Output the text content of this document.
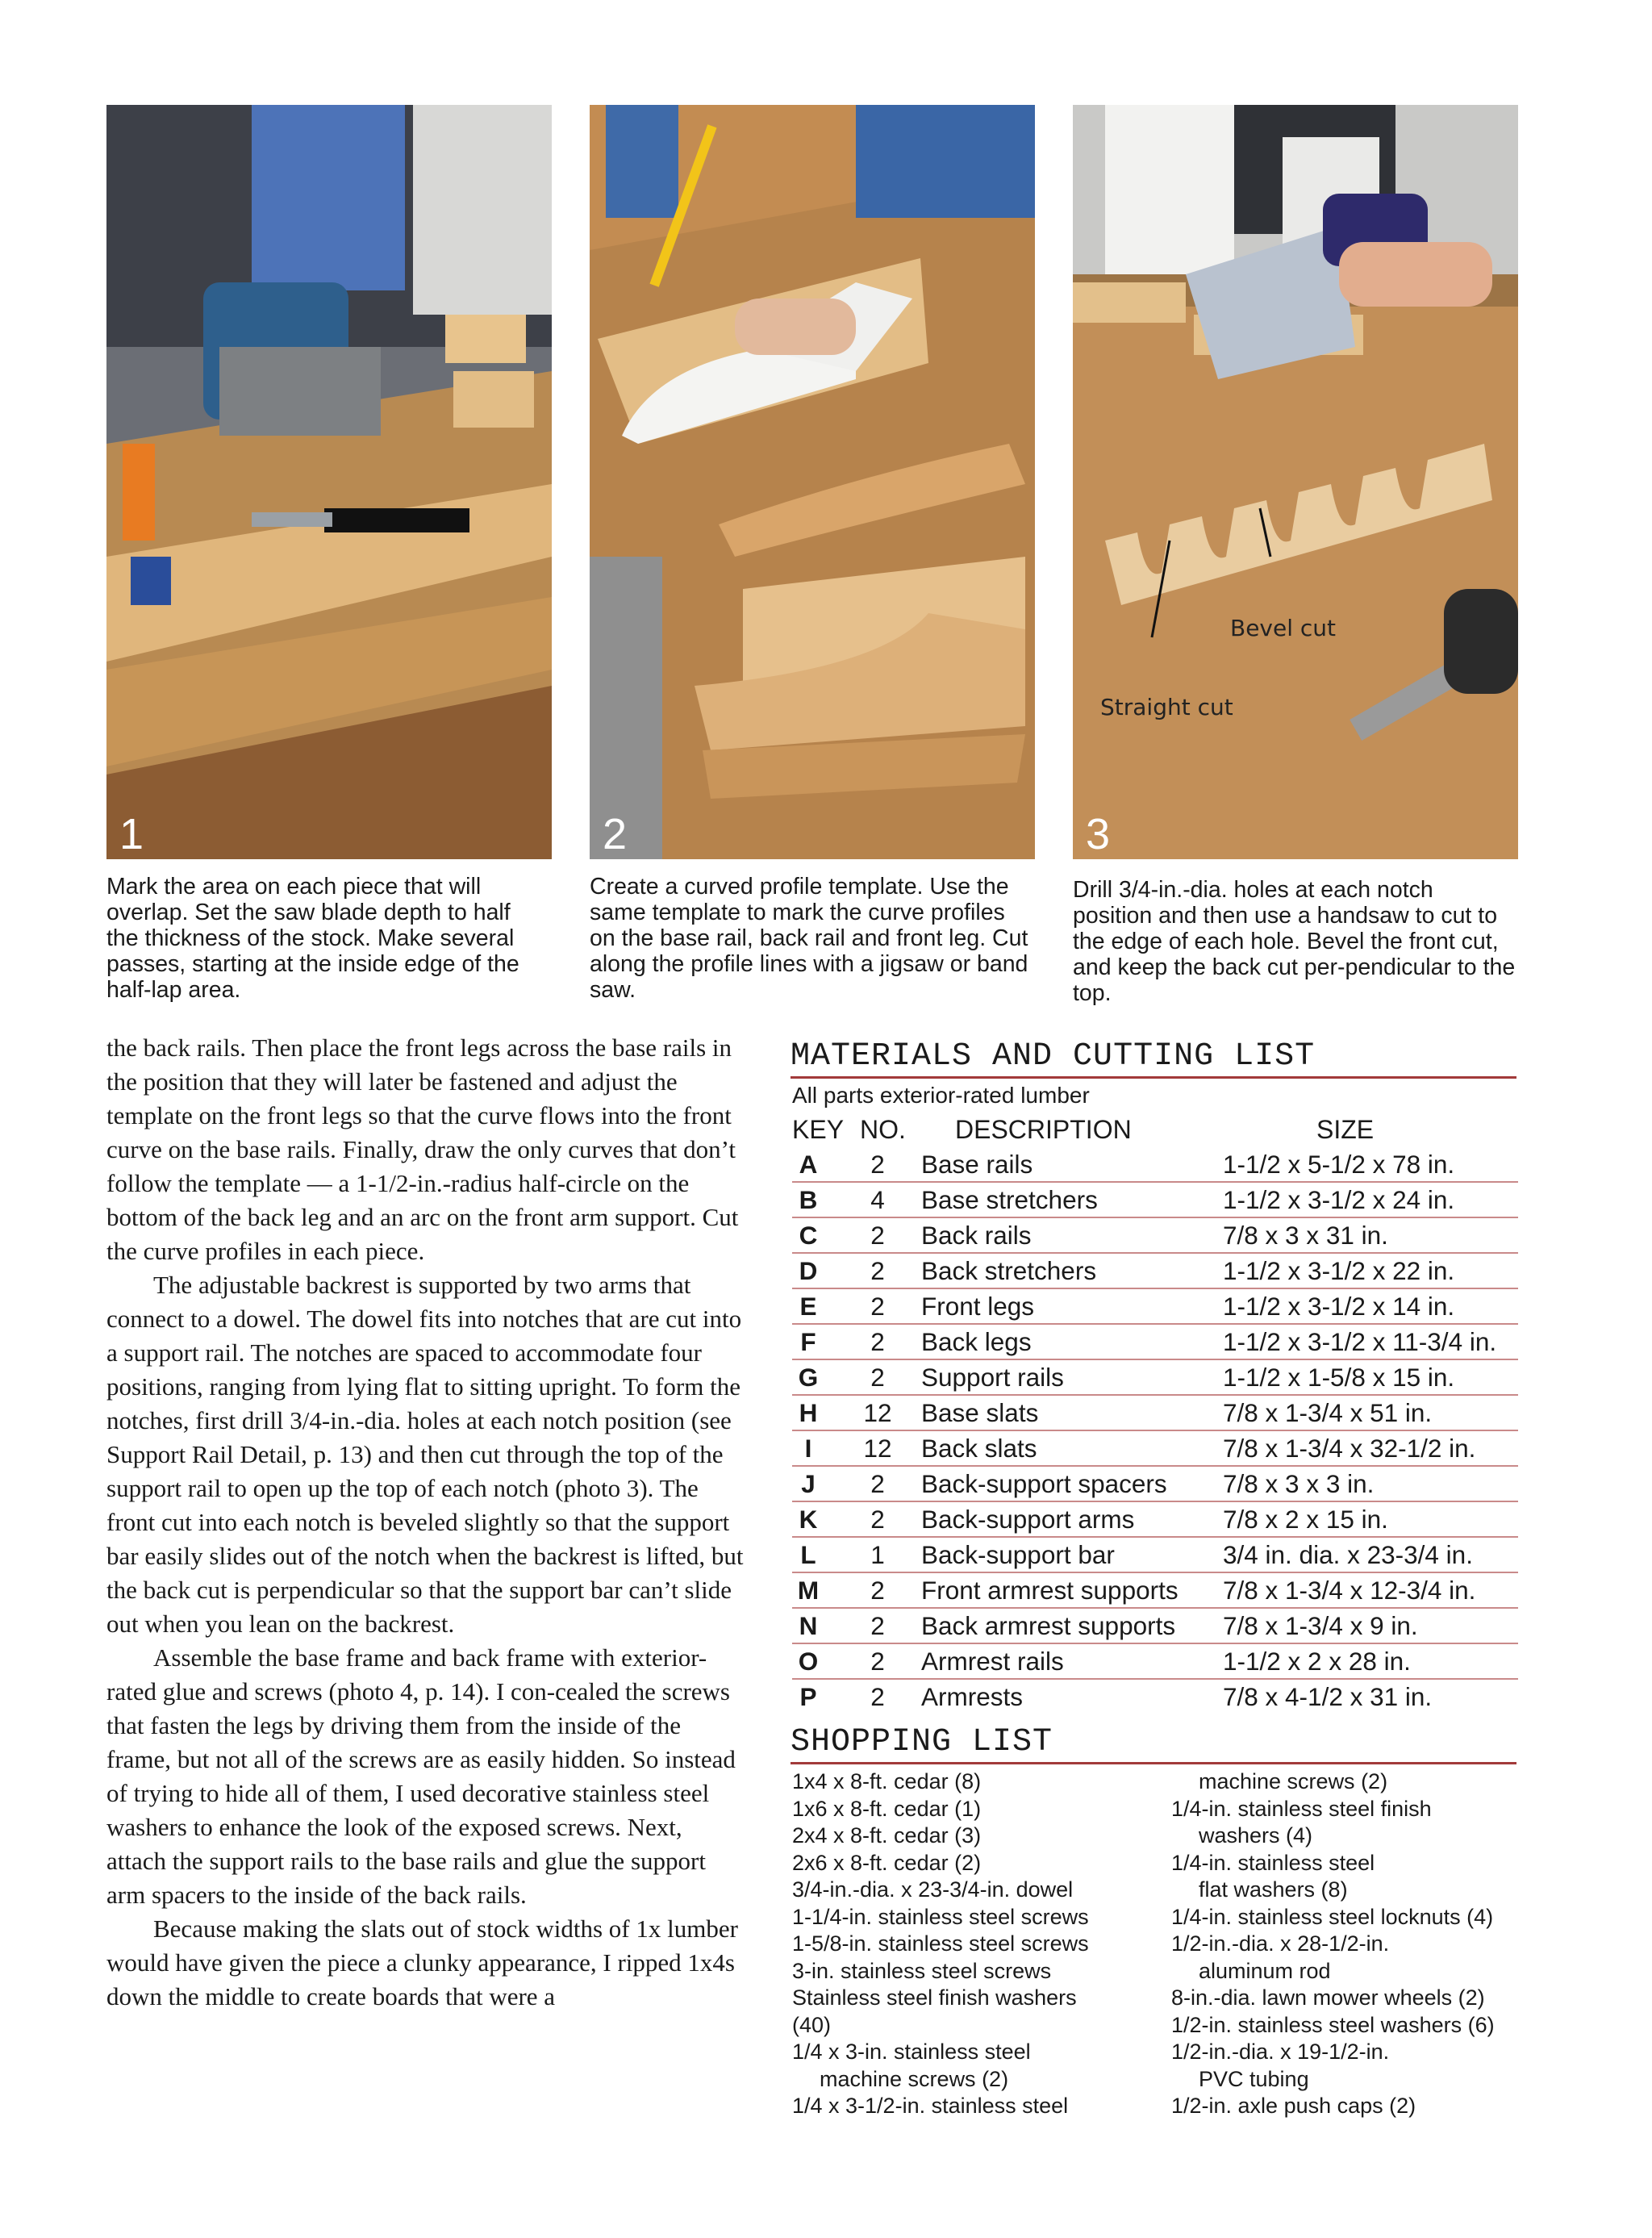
1	2
Bevel cut
Straight cut
3
Mark the area on each piece that will overlap. Set the saw blade depth to half the thickness of the stock. Make several passes, starting at the inside edge of the half-lap area.
Create a curved profile template. Use the same template to mark the curve profiles on the base rail, back rail and front leg. Cut along the profile lines with a jigsaw or band saw.
Drill 3/4-in.-dia. holes at each notch position and then use a handsaw to cut to the edge of each hole. Bevel the front cut, and keep the back cut per-pendicular to the top.

the back rails. Then place the front legs across the base rails in the position that they will later be fastened and adjust the template on the front legs so that the curve flows into the front curve on the base rails. Finally, draw the only curves that don’t follow the template — a 1-1/2-in.-radius half-circle on the bottom of the back leg and an arc on the front arm support. Cut the curve profiles in each piece.

The adjustable backrest is supported by two arms that connect to a dowel. The dowel fits into notches that are cut into a support rail. The notches are spaced to accommodate four positions, ranging from lying flat to sitting upright. To form the notches, first drill 3/4-in.-dia. holes at each notch position (see Support Rail Detail, p. 13) and then cut through the top of the support rail to open up the top of each notch (photo 3). The front cut into each notch is beveled slightly so that the support bar easily slides out of the notch when the backrest is lifted, but the back cut is perpendicular so that the support bar can’t slide out when you lean on the backrest.

Assemble the base frame and back frame with exterior-rated glue and screws (photo 4, p. 14). I con-cealed the screws that fasten the legs by driving them from the inside of the frame, but not all of the screws are as easily hidden. So instead of trying to hide all of them, I used decorative stainless steel washers to enhance the look of the exposed screws. Next, attach the support rails to the base rails and glue the support arm spacers to the inside of the back rails.

Because making the slats out of stock widths of 1x lumber would have given the piece a clunky appearance, I ripped 1x4s down the middle to create boards that were a

MATERIALS AND CUTTING LIST
All parts exterior-rated lumber
KEY NO. DESCRIPTION	SIZE
A	2	Base rails	1-1/2 x 5-1/2 x 78 in.
B	4	Base stretchers	1-1/2 x 3-1/2 x 24 in.
C	2	Back rails	7/8 x 3 x 31 in.
D	2	Back stretchers	1-1/2 x 3-1/2 x 22 in.
E	2	Front legs	1-1/2 x 3-1/2 x 14 in.
F	2	Back legs	1-1/2 x 3-1/2 x 11-3/4 in.
G	2	Support rails	1-1/2 x 1-5/8 x 15 in.
H 12 Base slats	7/8 x 1-3/4 x 51 in.
I	12 Back slats	7/8 x 1-3/4 x 32-1/2 in.
J	2	Back-support spacers 7/8 x 3 x 3 in.
K	2	Back-support arms	7/8 x 2 x 15 in.
L	1	Back-support bar	3/4 in. dia. x 23-3/4 in.
M	2	Front armrest supports 7/8 x 1-3/4 x 12-3/4 in.
N	2	Back armrest supports 7/8 x 1-3/4 x 9 in.
O	2	Armrest rails	1-1/2 x 2 x 28 in.
P	2	Armrests	7/8 x 4-1/2 x 31 in.
SHOPPING LIST
1x4 x 8-ft. cedar (8)
1x6 x 8-ft. cedar (1)
2x4 x 8-ft. cedar (3)
2x6 x 8-ft. cedar (2)
3/4-in.-dia. x 23-3/4-in. dowel
1-1/4-in. stainless steel screws
1-5/8-in. stainless steel screws
3-in. stainless steel screws
Stainless steel finish washers
(40)
1/4 x 3-in. stainless steel
machine screws (2)
1/4 x 3-1/2-in. stainless steel
machine screws (2)
1/4-in. stainless steel finish
washers (4)
1/4-in. stainless steel
flat washers (8)
1/4-in. stainless steel locknuts (4)
1/2-in.-dia. x 28-1/2-in.
aluminum rod
8-in.-dia. lawn mower wheels (2)
1/2-in. stainless steel washers (6)
1/2-in.-dia. x 19-1/2-in.
PVC tubing
1/2-in. axle push caps (2)
